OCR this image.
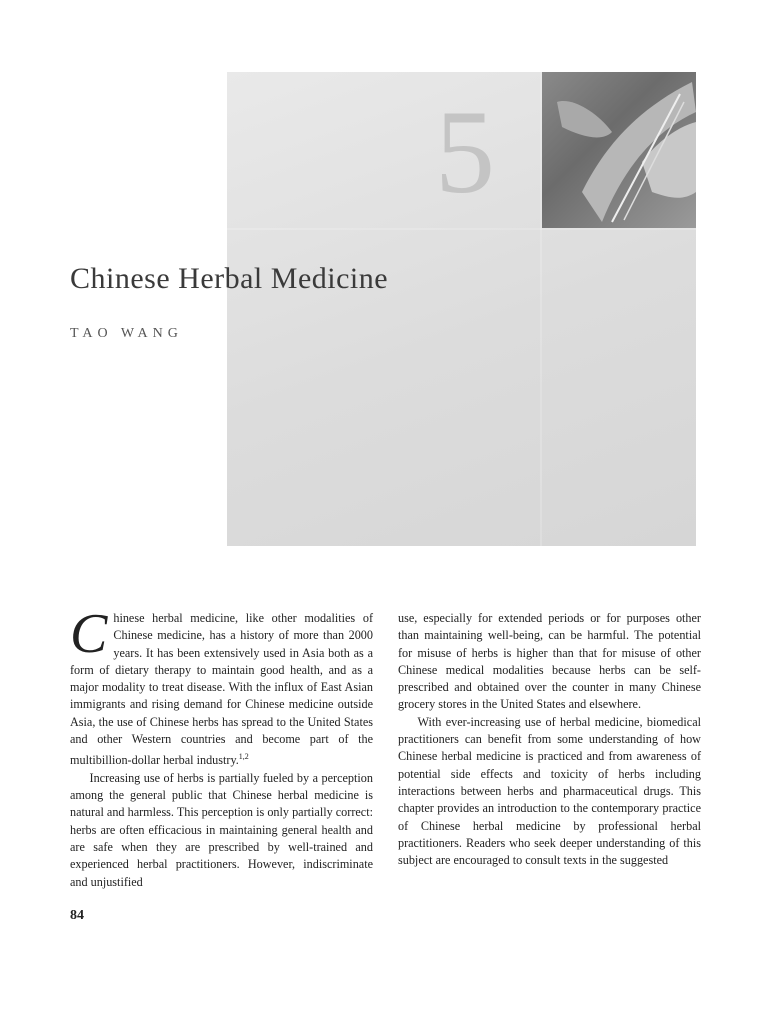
5
Chinese Herbal Medicine

TAO WANG

Chinese herbal medicine, like other modalities of Chinese medicine, has a history of more than 2000 years. It has been extensively used in Asia both as a form of dietary therapy to maintain good health, and as a major modality to treat disease. With the influx of East Asian immigrants and rising demand for Chinese medicine outside Asia, the use of Chinese herbs has spread to the United States and other Western countries and become part of the multibillion-dollar herbal industry.$^{1,2}$

Increasing use of herbs is partially fueled by a perception among the general public that Chinese herbal medicine is natural and harmless. This perception is only partially correct: herbs are often efficacious in maintaining general health and are safe when they are prescribed by well-trained and experienced herbal practitioners. However, indiscriminate and unjustified

use, especially for extended periods or for purposes other than maintaining well-being, can be harmful. The potential for misuse of herbs is higher than that for misuse of other Chinese medical modalities because herbs can be self-prescribed and obtained over the counter in many Chinese grocery stores in the United States and elsewhere.

With ever-increasing use of herbal medicine, biomedical practitioners can benefit from some understanding of how Chinese herbal medicine is practiced and from awareness of potential side effects and toxicity of herbs including interactions between herbs and pharmaceutical drugs. This chapter provides an introduction to the contemporary practice of Chinese herbal medicine by professional herbal practitioners. Readers who seek deeper understanding of this subject are encouraged to consult texts in the suggested

84
